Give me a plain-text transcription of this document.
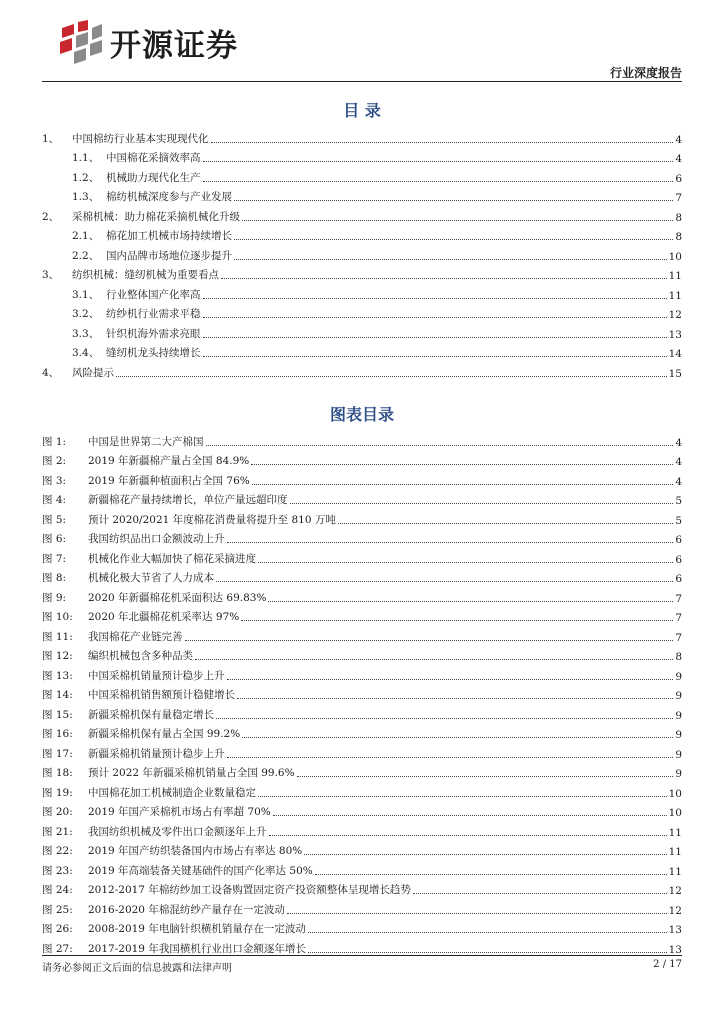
开源证券
行业深度报告
目 录
1、	中国棉纺行业基本实现现代化	4
1.1、 中国棉花采摘效率高	4
1.2、 机械助力现代化生产	6
1.3、 棉纺机械深度参与产业发展	7
2、	采棉机械：助力棉花采摘机械化升级	8
2.1、 棉花加工机械市场持续增长	8
2.2、 国内品牌市场地位逐步提升	10
3、	纺织机械：缝纫机械为重要看点	11
3.1、 行业整体国产化率高	11
3.2、 纺纱机行业需求平稳	12
3.3、 针织机海外需求亮眼	13
3.4、 缝纫机龙头持续增长	14
4、	风险提示	15
图表目录
图 1:	中国是世界第二大产棉国	4
图 2:	2019 年新疆棉产量占全国 84.9%	4
图 3:	2019 年新疆种植面积占全国 76%	4
图 4:	新疆棉花产量持续增长，单位产量远超印度	5
图 5:	预计 2020/2021 年度棉花消费量将提升至 810 万吨	5
图 6:	我国纺织品出口金额波动上升	6
图 7:	机械化作业大幅加快了棉花采摘进度	6
图 8:	机械化极大节省了人力成本	6
图 9:	2020 年新疆棉花机采面积达 69.83%	7
图 10:	2020 年北疆棉花机采率达 97%	7
图 11:	我国棉花产业链完善	7
图 12:	编织机械包含多种品类	8
图 13:	中国采棉机销量预计稳步上升	9
图 14:	中国采棉机销售额预计稳健增长	9
图 15:	新疆采棉机保有量稳定增长	9
图 16:	新疆采棉机保有量占全国 99.2%	9
图 17:	新疆采棉机销量预计稳步上升	9
图 18:	预计 2022 年新疆采棉机销量占全国 99.6%	9
图 19:	中国棉花加工机械制造企业数量稳定	10
图 20:	2019 年国产采棉机市场占有率超 70%	10
图 21:	我国纺织机械及零件出口金额逐年上升	11
图 22:	2019 年国产纺织装备国内市场占有率达 80%	11
图 23:	2019 年高端装备关键基础件的国产化率达 50%	11
图 24:	2012-2017 年棉纺纱加工设备购置固定资产投资额整体呈现增长趋势	12
图 25:	2016-2020 年棉混纺纱产量存在一定波动	12
图 26:	2008-2019 年电脑针织横机销量存在一定波动	13
图 27:	2017-2019 年我国横机行业出口金额逐年增长	13
请务必参阅正文后面的信息披露和法律声明	2 / 17
